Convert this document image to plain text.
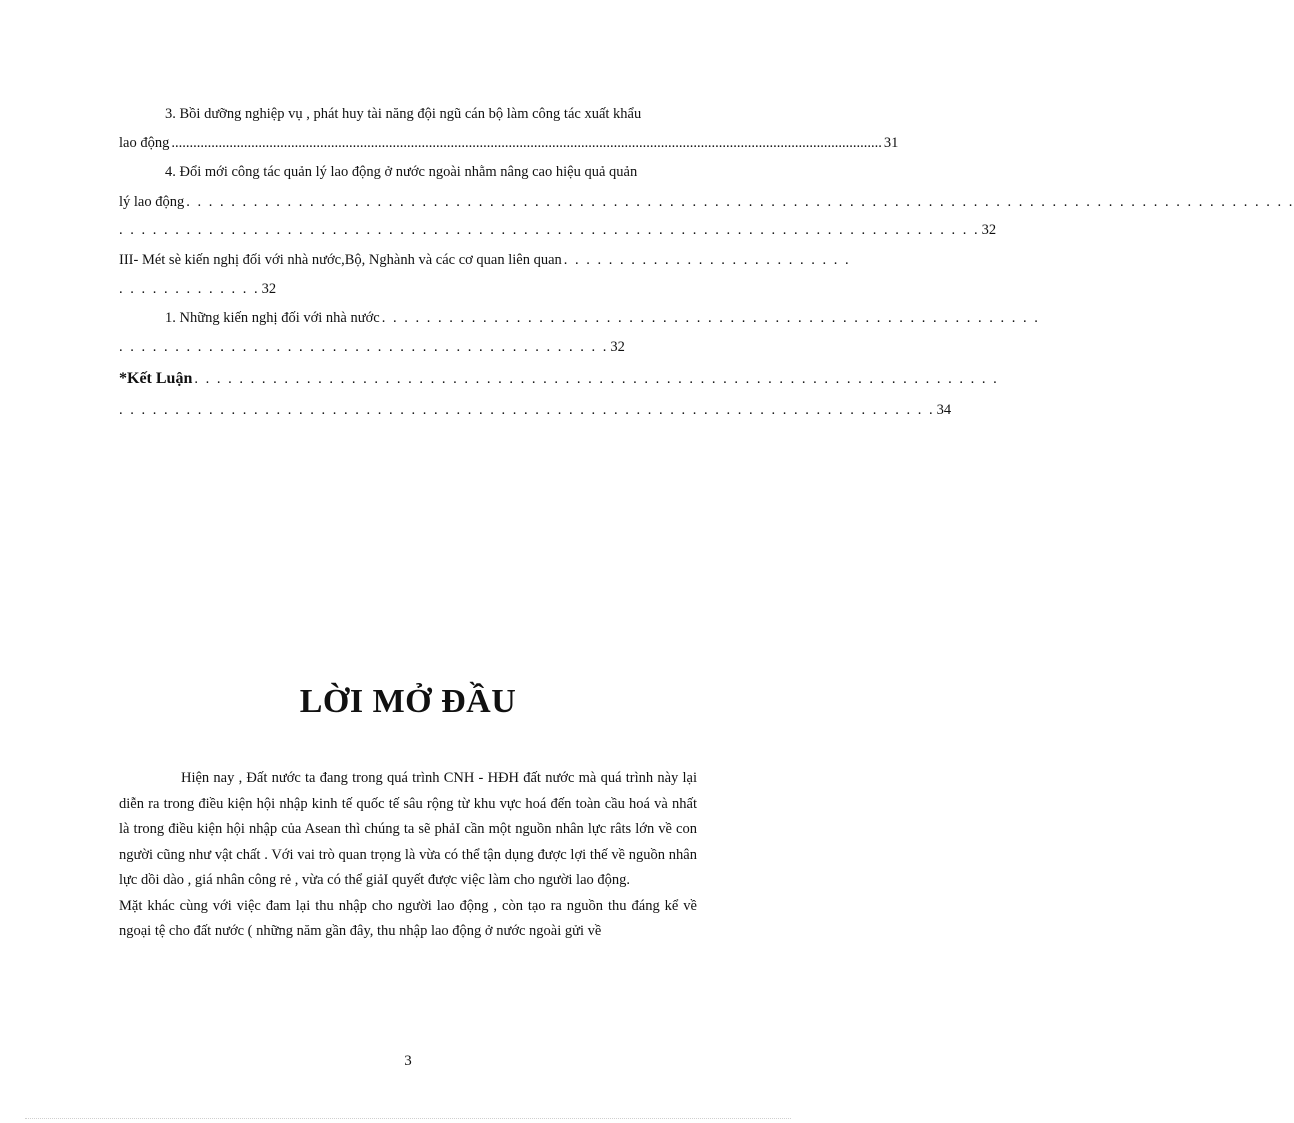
3. Bồi dưỡng nghiệp vụ , phát huy tài năng đội ngũ cán bộ làm công tác xuất khẩu
lao động .................................................................................................................................................................................................... 31
4. Đổi mới công tác quản lý lao động ở nước ngoài nhằm nâng cao hiệu quả quản
lý lao động . . . . . . . . . . . . . . . . . . . . . . . . . . . . . . . . . . . . . . . . . . . . . . . . . . . . . . . . . . . . . . . . . . . . . . . . . . . . . . . . . . . . . . . . . . . . . . . . . . .
. . . . . . . . . . . . . . . . . . . . . . . . . . . . . . . . . . . . . . . . . . . . . . . . . . . . . . . . . . . . . . . . . . . . . . . . . . . . . 32
III- Mét sè kiến nghị đối với nhà nước,Bộ, Nghành và các cơ quan liên quan . . . . . . . . . . . . . . . . . . . . . . . . . .
. . . . . . . . . . . . . 32
1. Những kiến nghị đối với nhà nước . . . . . . . . . . . . . . . . . . . . . . . . . . . . . . . . . . . . . . . . . . . . . . . . . . . . . . . . . . .
. . . . . . . . . . . . . . . . . . . . . . . . . . . . . . . . . . . . . . . . . . . . 32
*Kết Luận . . . . . . . . . . . . . . . . . . . . . . . . . . . . . . . . . . . . . . . . . . . . . . . . . . . . . . . . . . . . . . . . . . . . . . . .
. . . . . . . . . . . . . . . . . . . . . . . . . . . . . . . . . . . . . . . . . . . . . . . . . . . . . . . . . . . . . . . . . . . . . . . . . 34
LỜI MỞ ĐẦU

Hiện nay , Đất nước ta đang trong quá trình CNH - HĐH đất nước mà quá trình này lại diễn ra trong điều kiện hội nhập kinh tế quốc tế sâu rộng từ khu vực hoá đến toàn cầu hoá và nhất là trong điều kiện hội nhập của Asean thì chúng ta sẽ phảI cần một nguồn nhân lực râts lớn về con người cũng như vật chất . Với vai trò quan trọng là vừa có thể tận dụng được lợi thế về nguồn nhân lực dồi dào , giá nhân công rẻ , vừa có thể giảI quyết được việc làm cho người lao động.

Mặt khác cùng với việc đam lại thu nhập cho người lao động , còn tạo ra nguồn thu đáng kể về ngoại tệ cho đất nước ( những năm gần đây, thu nhập lao động ở nước ngoài gửi về

3
